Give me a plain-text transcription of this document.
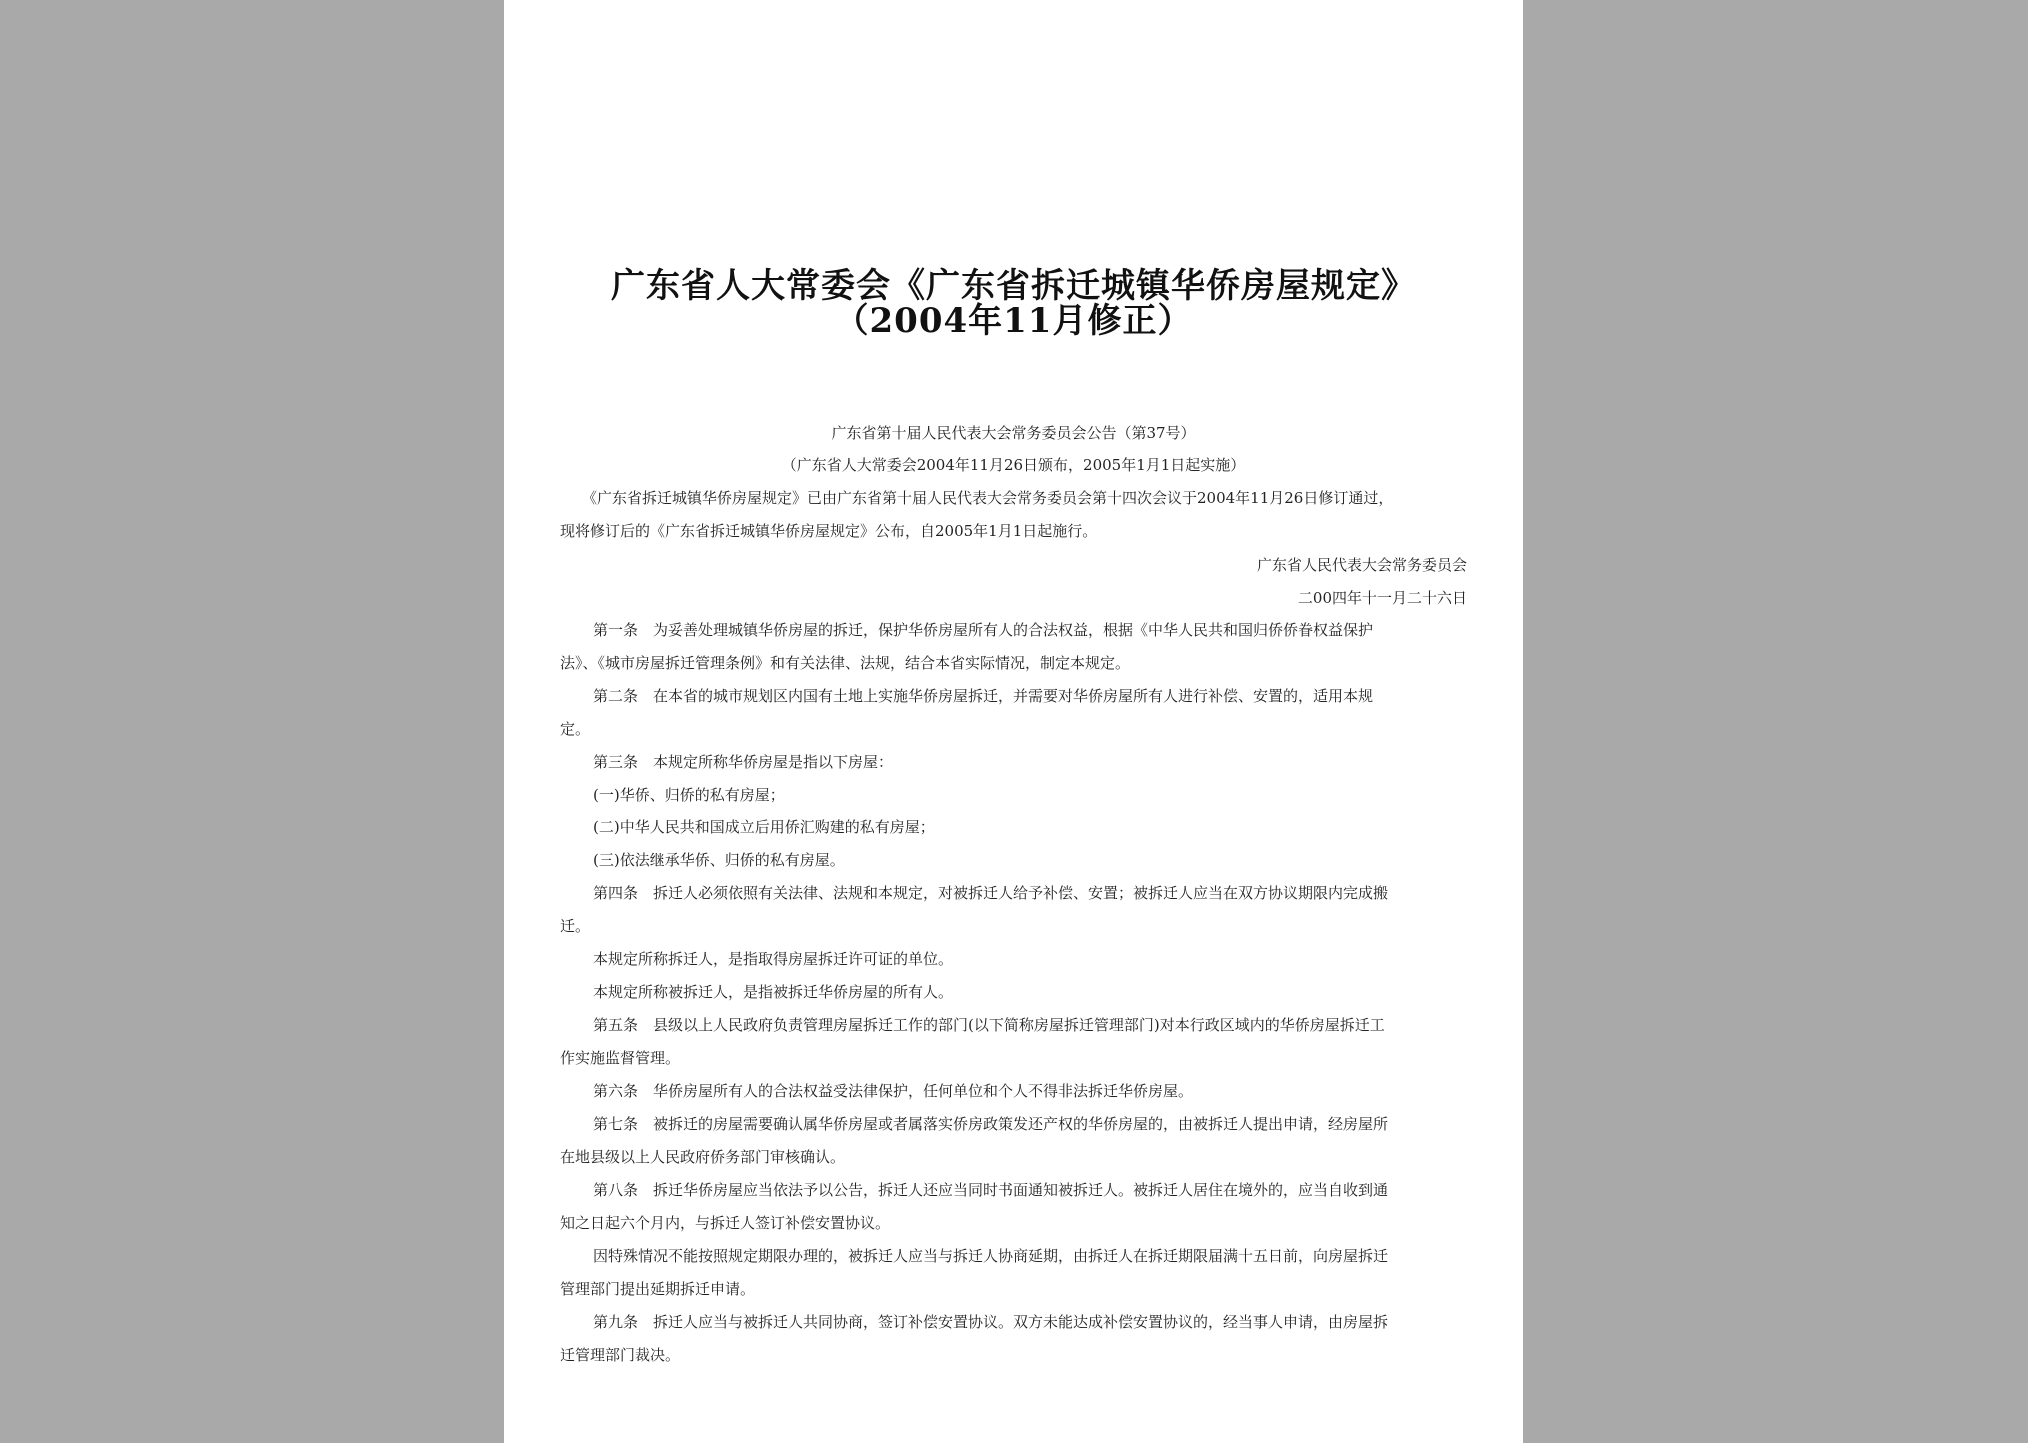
广东省人大常委会《广东省拆迁城镇华侨房屋规定》
（2004年11月修正）
广东省第十届人民代表大会常务委员会公告（第37号）
（广东省人大常委会2004年11月26日颁布，2005年1月1日起实施）
《广东省拆迁城镇华侨房屋规定》已由广东省第十届人民代表大会常务委员会第十四次会议于2004年11月26日修订通过，
现将修订后的《广东省拆迁城镇华侨房屋规定》公布，自2005年1月1日起施行。
广东省人民代表大会常务委员会
二00四年十一月二十六日
第一条　为妥善处理城镇华侨房屋的拆迁，保护华侨房屋所有人的合法权益，根据《中华人民共和国归侨侨眷权益保护
法》、《城市房屋拆迁管理条例》和有关法律、法规，结合本省实际情况，制定本规定。
第二条　在本省的城市规划区内国有土地上实施华侨房屋拆迁，并需要对华侨房屋所有人进行补偿、安置的，适用本规
定。
第三条　本规定所称华侨房屋是指以下房屋：
(一)华侨、归侨的私有房屋；
(二)中华人民共和国成立后用侨汇购建的私有房屋；
(三)依法继承华侨、归侨的私有房屋。
第四条　拆迁人必须依照有关法律、法规和本规定，对被拆迁人给予补偿、安置；被拆迁人应当在双方协议期限内完成搬
迁。
本规定所称拆迁人，是指取得房屋拆迁许可证的单位。
本规定所称被拆迁人，是指被拆迁华侨房屋的所有人。
第五条　县级以上人民政府负责管理房屋拆迁工作的部门(以下简称房屋拆迁管理部门)对本行政区域内的华侨房屋拆迁工
作实施监督管理。
第六条　华侨房屋所有人的合法权益受法律保护，任何单位和个人不得非法拆迁华侨房屋。
第七条　被拆迁的房屋需要确认属华侨房屋或者属落实侨房政策发还产权的华侨房屋的，由被拆迁人提出申请，经房屋所
在地县级以上人民政府侨务部门审核确认。
第八条　拆迁华侨房屋应当依法予以公告，拆迁人还应当同时书面通知被拆迁人。被拆迁人居住在境外的，应当自收到通
知之日起六个月内，与拆迁人签订补偿安置协议。
因特殊情况不能按照规定期限办理的，被拆迁人应当与拆迁人协商延期，由拆迁人在拆迁期限届满十五日前，向房屋拆迁
管理部门提出延期拆迁申请。
第九条　拆迁人应当与被拆迁人共同协商，签订补偿安置协议。双方未能达成补偿安置协议的，经当事人申请，由房屋拆
迁管理部门裁决。
